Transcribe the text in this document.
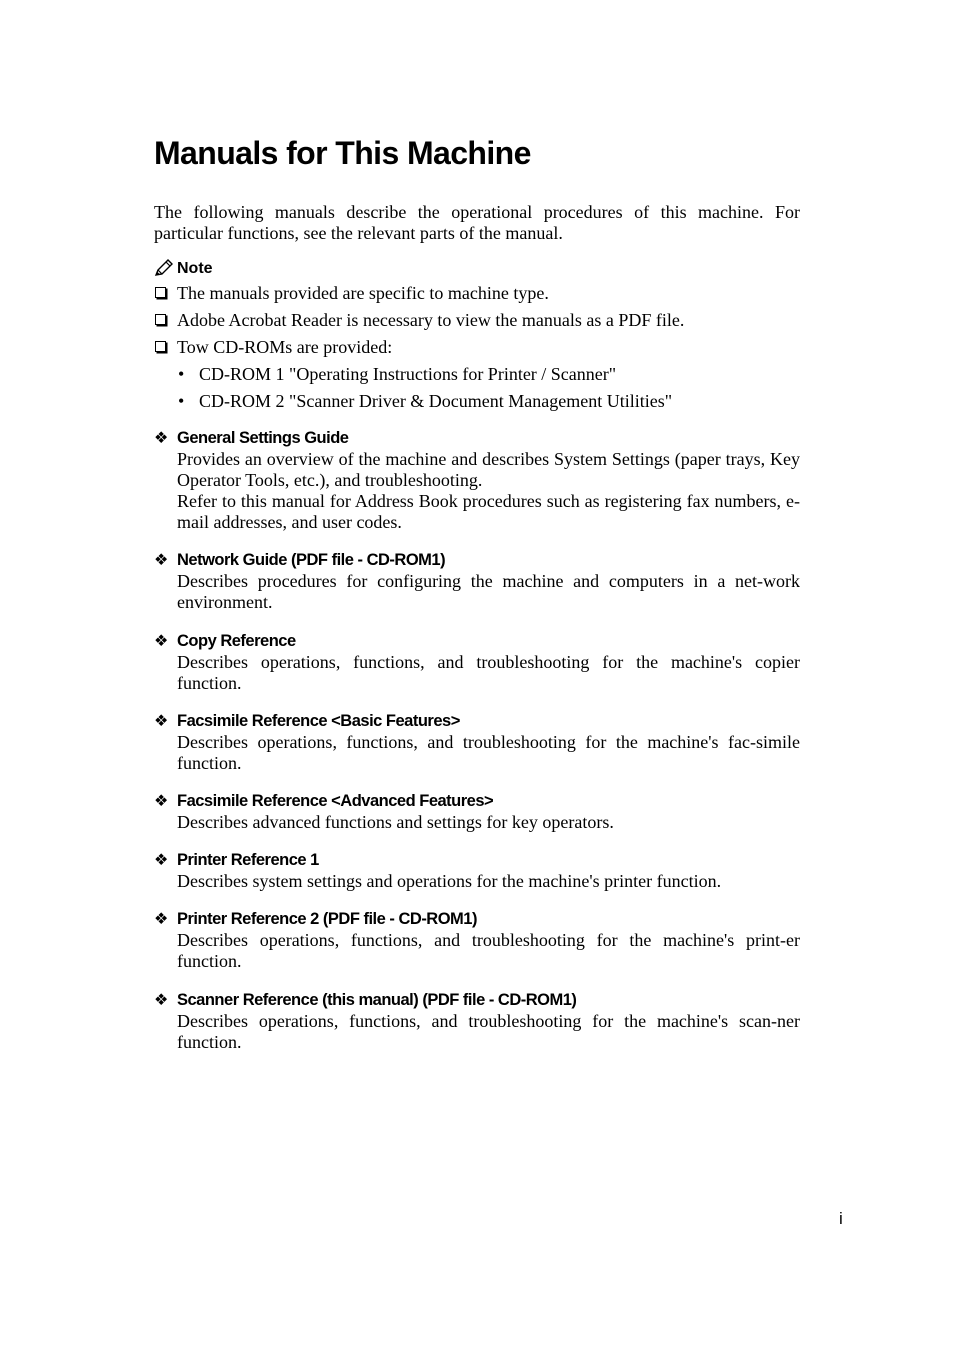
Manuals for This Machine

The following manuals describe the operational procedures of this machine. For particular functions, see the relevant parts of the manual.

Note
The manuals provided are specific to machine type.
Adobe Acrobat Reader is necessary to view the manuals as a PDF file.
Tow CD-ROMs are provided:
• CD-ROM 1 "Operating Instructions for Printer / Scanner"
• CD-ROM 2 "Scanner Driver & Document Management Utilities"
❖ General Settings Guide

Provides an overview of the machine and describes System Settings (paper trays, Key Operator Tools, etc.), and troubleshooting.

Refer to this manual for Address Book procedures such as registering fax numbers, e-mail addresses, and user codes.

❖ Network Guide (PDF file - CD-ROM1)

Describes procedures for configuring the machine and computers in a net-work environment.

❖ Copy Reference

Describes operations, functions, and troubleshooting for the machine's copier function.

❖ Facsimile Reference <Basic Features>

Describes operations, functions, and troubleshooting for the machine's fac-simile function.

❖ Facsimile Reference <Advanced Features>

Describes advanced functions and settings for key operators.

❖ Printer Reference 1

Describes system settings and operations for the machine's printer function.

❖ Printer Reference 2 (PDF file - CD-ROM1)

Describes operations, functions, and troubleshooting for the machine's print-er function.

❖ Scanner Reference (this manual) (PDF file - CD-ROM1)

Describes operations, functions, and troubleshooting for the machine's scan-ner function.

i
